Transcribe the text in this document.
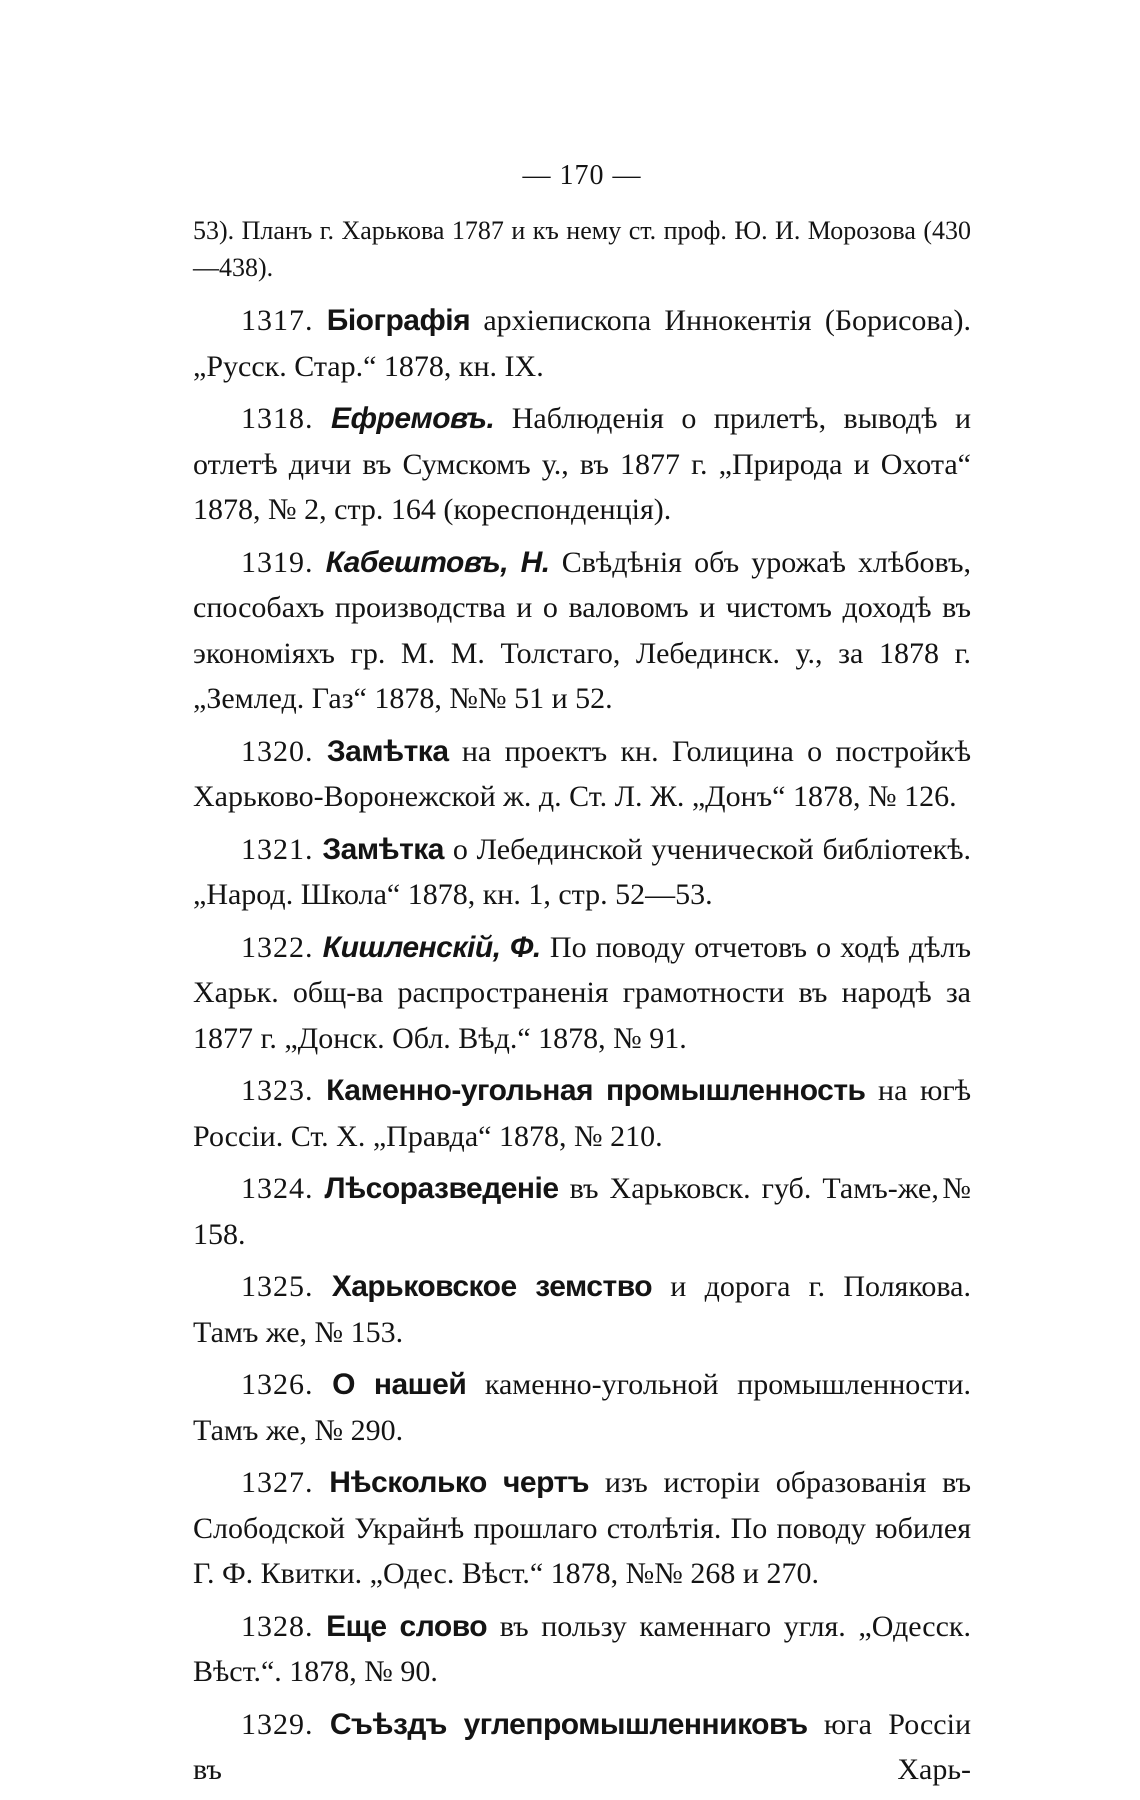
— 170 —

53). Планъ г. Харькова 1787 и къ нему ст. проф. Ю. И. Морозова (430—438).

1317. Біографія архіепископа Иннокентія (Борисова). „Русск. Стар.“ 1878, кн. IX.

1318. Ефремовъ. Наблюденія о прилетѣ, выводѣ и отлетѣ дичи въ Сумскомъ у., въ 1877 г. „Природа и Охота“ 1878, № 2, стр. 164 (кореспонденція).

1319. Кабештовъ, Н. Свѣдѣнія объ урожаѣ хлѣбовъ, способахъ производства и о валовомъ и чистомъ доходѣ въ экономіяхъ гр. М. М. Толстаго, Лебединск. у., за 1878 г. „Землед. Газ“ 1878, №№ 51 и 52.

1320. Замѣтка на проектъ кн. Голицина о постройкѣ Харьково-Воронежской ж. д. Ст. Л. Ж. „Донъ“ 1878, № 126.

1321. Замѣтка о Лебединской ученической библіотекѣ. „Народ. Школа“ 1878, кн. 1, стр. 52—53.

1322. Кишленскій, Ф. По поводу отчетовъ о ходѣ дѣлъ Харьк. общ-ва распространенія грамотности въ народѣ за 1877 г. „Донск. Обл. Вѣд.“ 1878, № 91.

1323. Каменно-угольная промышленность на югѣ Россіи. Ст. X. „Правда“ 1878, № 210.

1324. Лѣсоразведеніе въ Харьковск. губ. Тамъ-же,№ 158.

1325. Харьковское земство и дорога г. Полякова. Тамъ же, № 153.

1326. О нашей каменно-угольной промышленности. Тамъ же, № 290.

1327. Нѣсколько чертъ изъ исторіи образованія въ Слободской Украйнѣ прошлаго столѣтія. По поводу юбилея Г. Ф. Квитки. „Одес. Вѣст.“ 1878, №№ 268 и 270.

1328. Еще слово въ пользу каменнаго угля. „Одесск. Вѣст.“. 1878, № 90.

1329. Съѣздъ углепромышленниковъ юга Россіи въ Харь-
